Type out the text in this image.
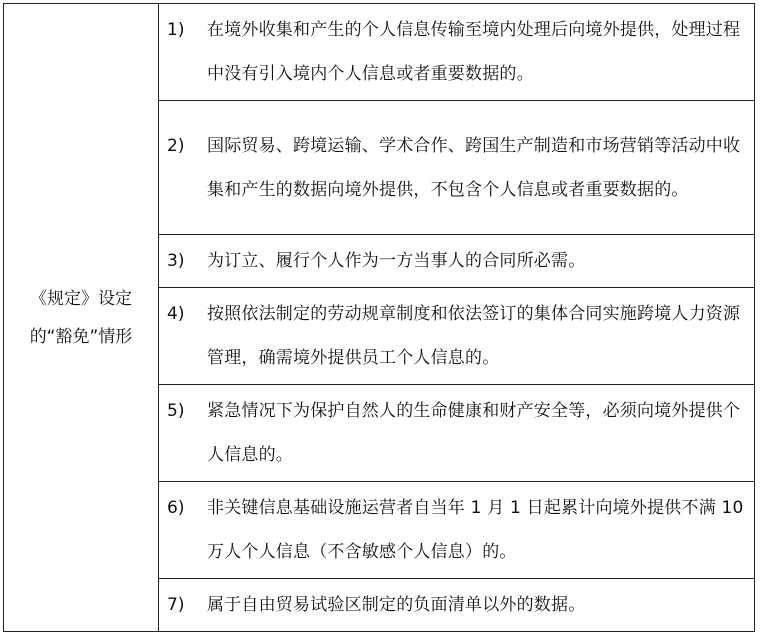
《规定》设定
的“豁免”情形

1)	在境外收集和产生的个人信息传输至境内处理后向境外提供，处理过程中没有引入境内个人信息或者重要数据的。

2)	国际贸易、跨境运输、学术合作、跨国生产制造和市场营销等活动中收集和产生的数据向境外提供，不包含个人信息或者重要数据的。

3)	为订立、履行个人作为一方当事人的合同所必需。

4)	按照依法制定的劳动规章制度和依法签订的集体合同实施跨境人力资源管理，确需境外提供员工个人信息的。

5)	紧急情况下为保护自然人的生命健康和财产安全等，必须向境外提供个人信息的。

6)	非关键信息基础设施运营者自当年 1 月 1 日起累计向境外提供不满 10 万人个人信息（不含敏感个人信息）的。

7)	属于自由贸易试验区制定的负面清单以外的数据。
